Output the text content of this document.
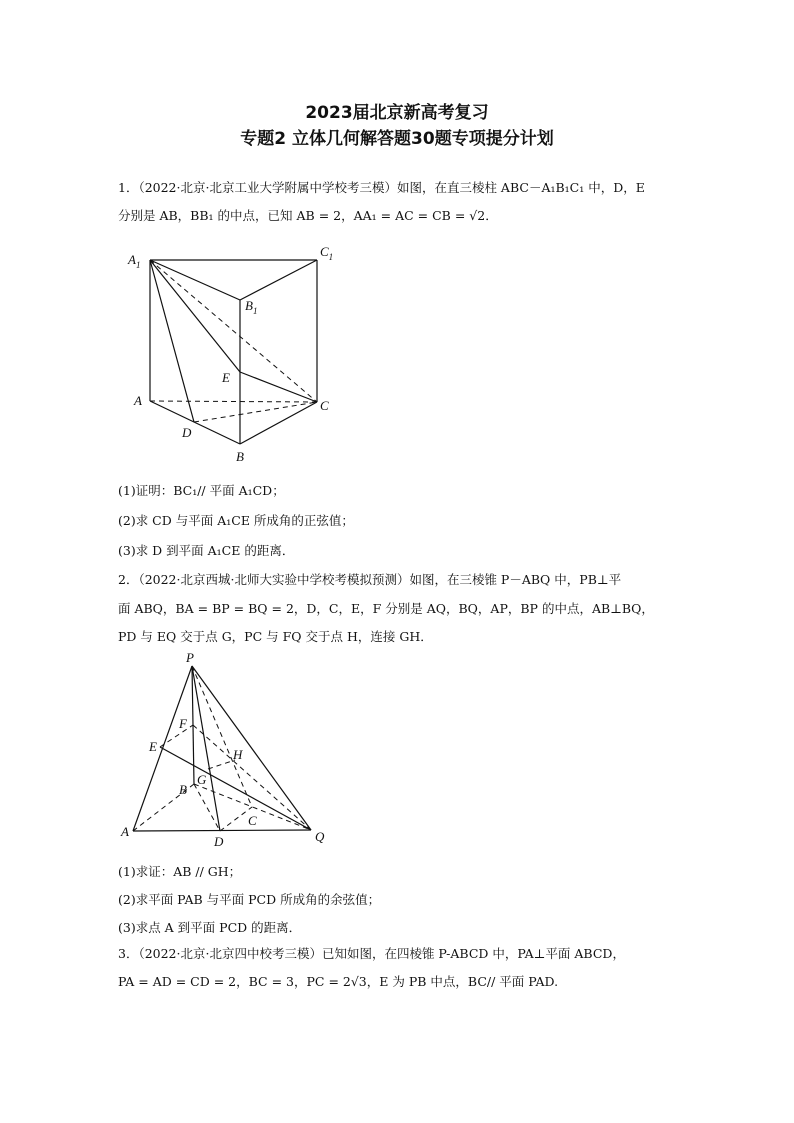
2023届北京新高考复习
专题2 立体几何解答题30题专项提分计划
1．（2022·北京·北京工业大学附属中学校考三模）如图，在直三棱柱 ABC－A₁B₁C₁ 中，D，E
分别是 AB，BB₁ 的中点，已知 AB = 2，AA₁ = AC = CB = √2．
$A_1$
$C_1$
$B_1$
E
A	C
D
B
(1)证明：BC₁// 平面 A₁CD；
(2)求 CD 与平面 A₁CE 所成角的正弦值；
(3)求 D 到平面 A₁CE 的距离．
2．（2022·北京西城·北师大实验中学校考模拟预测）如图，在三棱锥 P－ABQ 中，PB⊥平
面 ABQ，BA = BP = BQ = 2，D，C，E，F 分别是 AQ，BQ，AP，BP 的中点，AB⊥BQ，
PD 与 EQ 交于点 G，PC 与 FQ 交于点 H，连接 GH．
P
F
E
H
G
B
C
A
D	Q
(1)求证：AB // GH；
(2)求平面 PAB 与平面 PCD 所成角的余弦值；
(3)求点 A 到平面 PCD 的距离．
3．（2022·北京·北京四中校考三模）已知如图，在四棱锥 P-ABCD 中，PA⊥平面 ABCD，
PA = AD = CD = 2，BC = 3，PC = 2√3，E 为 PB 中点，BC// 平面 PAD.
